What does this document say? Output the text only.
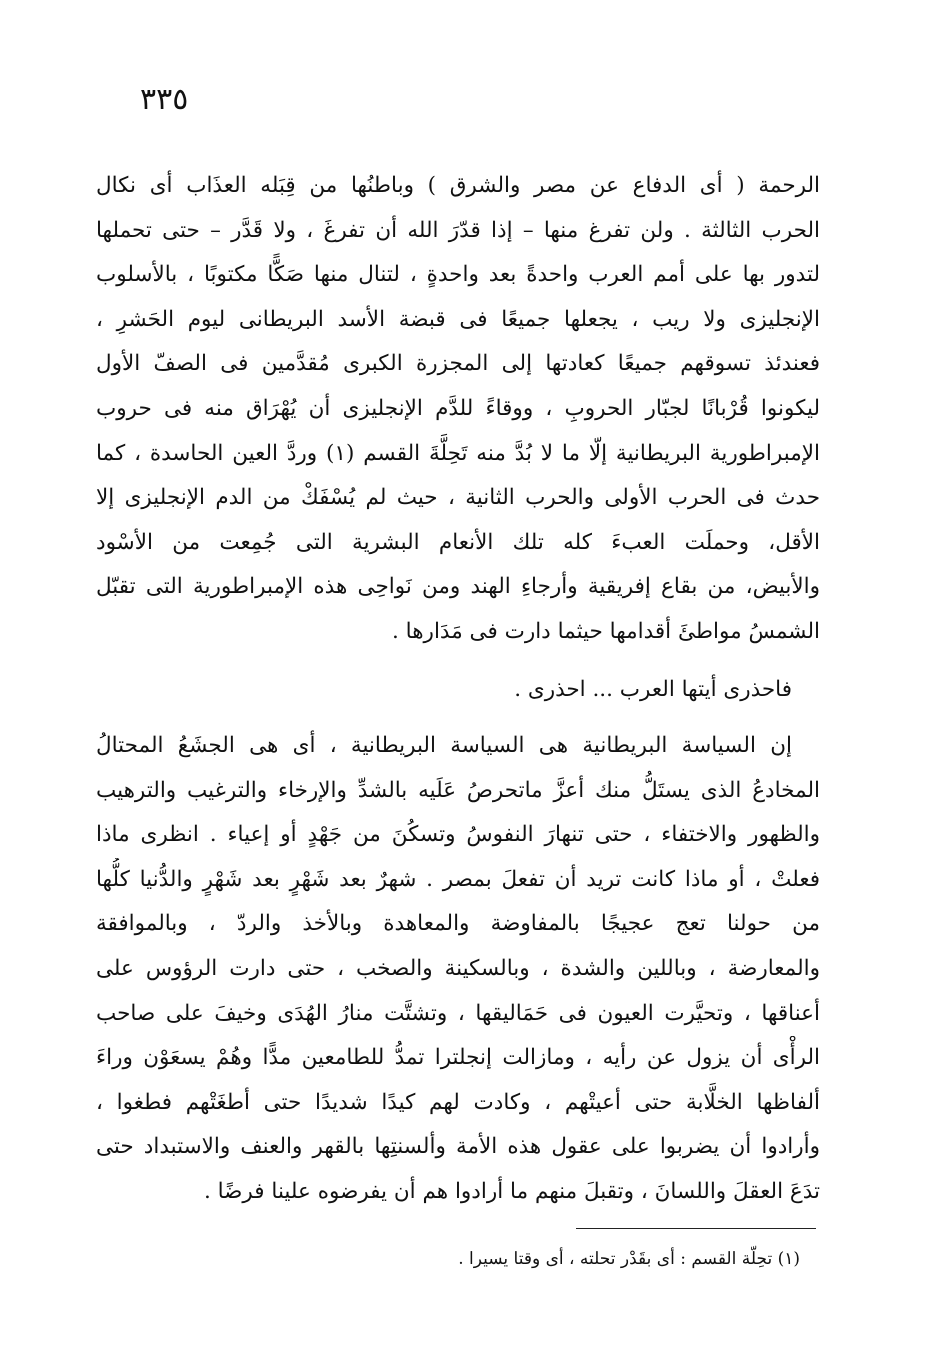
٣٣٥
الرحمة ( أى الدفاع عن مصر والشرق ) وباطنُها من قِبَله العذَاب أى نكال
الحرب الثالثة . ولن تفرغ منها – إذا قدّرَ الله أن تفرغَ ، ولا قَدَّر – حتى تحملها
لتدور بها على أمم العرب واحدةً بعد واحدةٍ ، لتنال منها صَكًّا مكتوبًا ، بالأسلوب
الإنجليزى ولا ريب ، يجعلها جميعًا فى قبضة الأسد البريطانى ليوم الحَشرِ ،
فعندئذ تسوقهم جميعًا كعادتها إلى المجزرة الكبرى مُقدَّمين فى الصفّ الأول
ليكونوا قُرْبانًا لجبّار الحروبِ ، ووقاءً للدَّم الإنجليزى أن يُهْرَاق منه فى حروب
الإمبراطورية البريطانية إلّا ما لا بُدَّ منه تَحِلَّةَ القسم (١) وردَّ العين الحاسدة ، كما
حدث فى الحرب الأولى والحرب الثانية ، حيث لم يُسْفَكْ من الدم الإنجليزى إلا
الأقل، وحملَت العبءَ كله تلك الأنعام البشرية التى جُمِعت من الأسْود
والأبيض، من بقاع إفريقية وأرجاءِ الهند ومن نَواحِى هذه الإمبراطورية التى تقبّل
الشمسُ مواطئَ أقدامها حيثما دارت فى مَدَارها .
فاحذرى أيتها العرب ... احذرى .
إن السياسة البريطانية هى السياسة البريطانية ، أى هى الجشَعُ المحتالُ
المخادعُ الذى يستَلُّ منك أعزَّ ماتحرصُ عَلَيه بالشدِّ والإرخاء والترغيب والترهيب
والظهور والاختفاء ، حتى تنهارَ النفوسُ وتسكُنَ من جَهْدٍ أو إعياء . انظرى ماذا
فعلتْ ، أو ماذا كانت تريد أن تفعلَ بمصر . شهرٌ بعد شَهْرٍ بعد شَهْرٍ والدُّنيا كلُّها
من حولنا تعج عجيجًا بالمفاوضة والمعاهدة وبالأخذ والردّ ، وبالموافقة
والمعارضة ، وباللين والشدة ، وبالسكينة والصخب ، حتى دارت الرؤوس على
أعناقها ، وتحيَّرت العيون فى حَمَاليقها ، وتشتَّت منارُ الهُدَى وخيفَ على صاحب
الرأْى أن يزول عن رأيه ، ومازالت إنجلترا تمدُّ للطامعين مدًّا وهُمْ يسعَوْن وراءَ
ألفاظها الخلَّابة حتى أعيتْهم ، وكادت لهم كيدًا شديدًا حتى أطغَتْهم فطغوا ،
وأرادوا أن يضربوا على عقول هذه الأمة وألسنتِها بالقهر والعنف والاستبداد حتى
تدَعَ العقلَ واللسانَ ، وتقبلَ منهم ما أرادوا هم أن يفرضوه علينا فرضًا .
(١) تحِلّة القسم : أى بقَدْر تحلته ، أى وقتا يسيرا .
